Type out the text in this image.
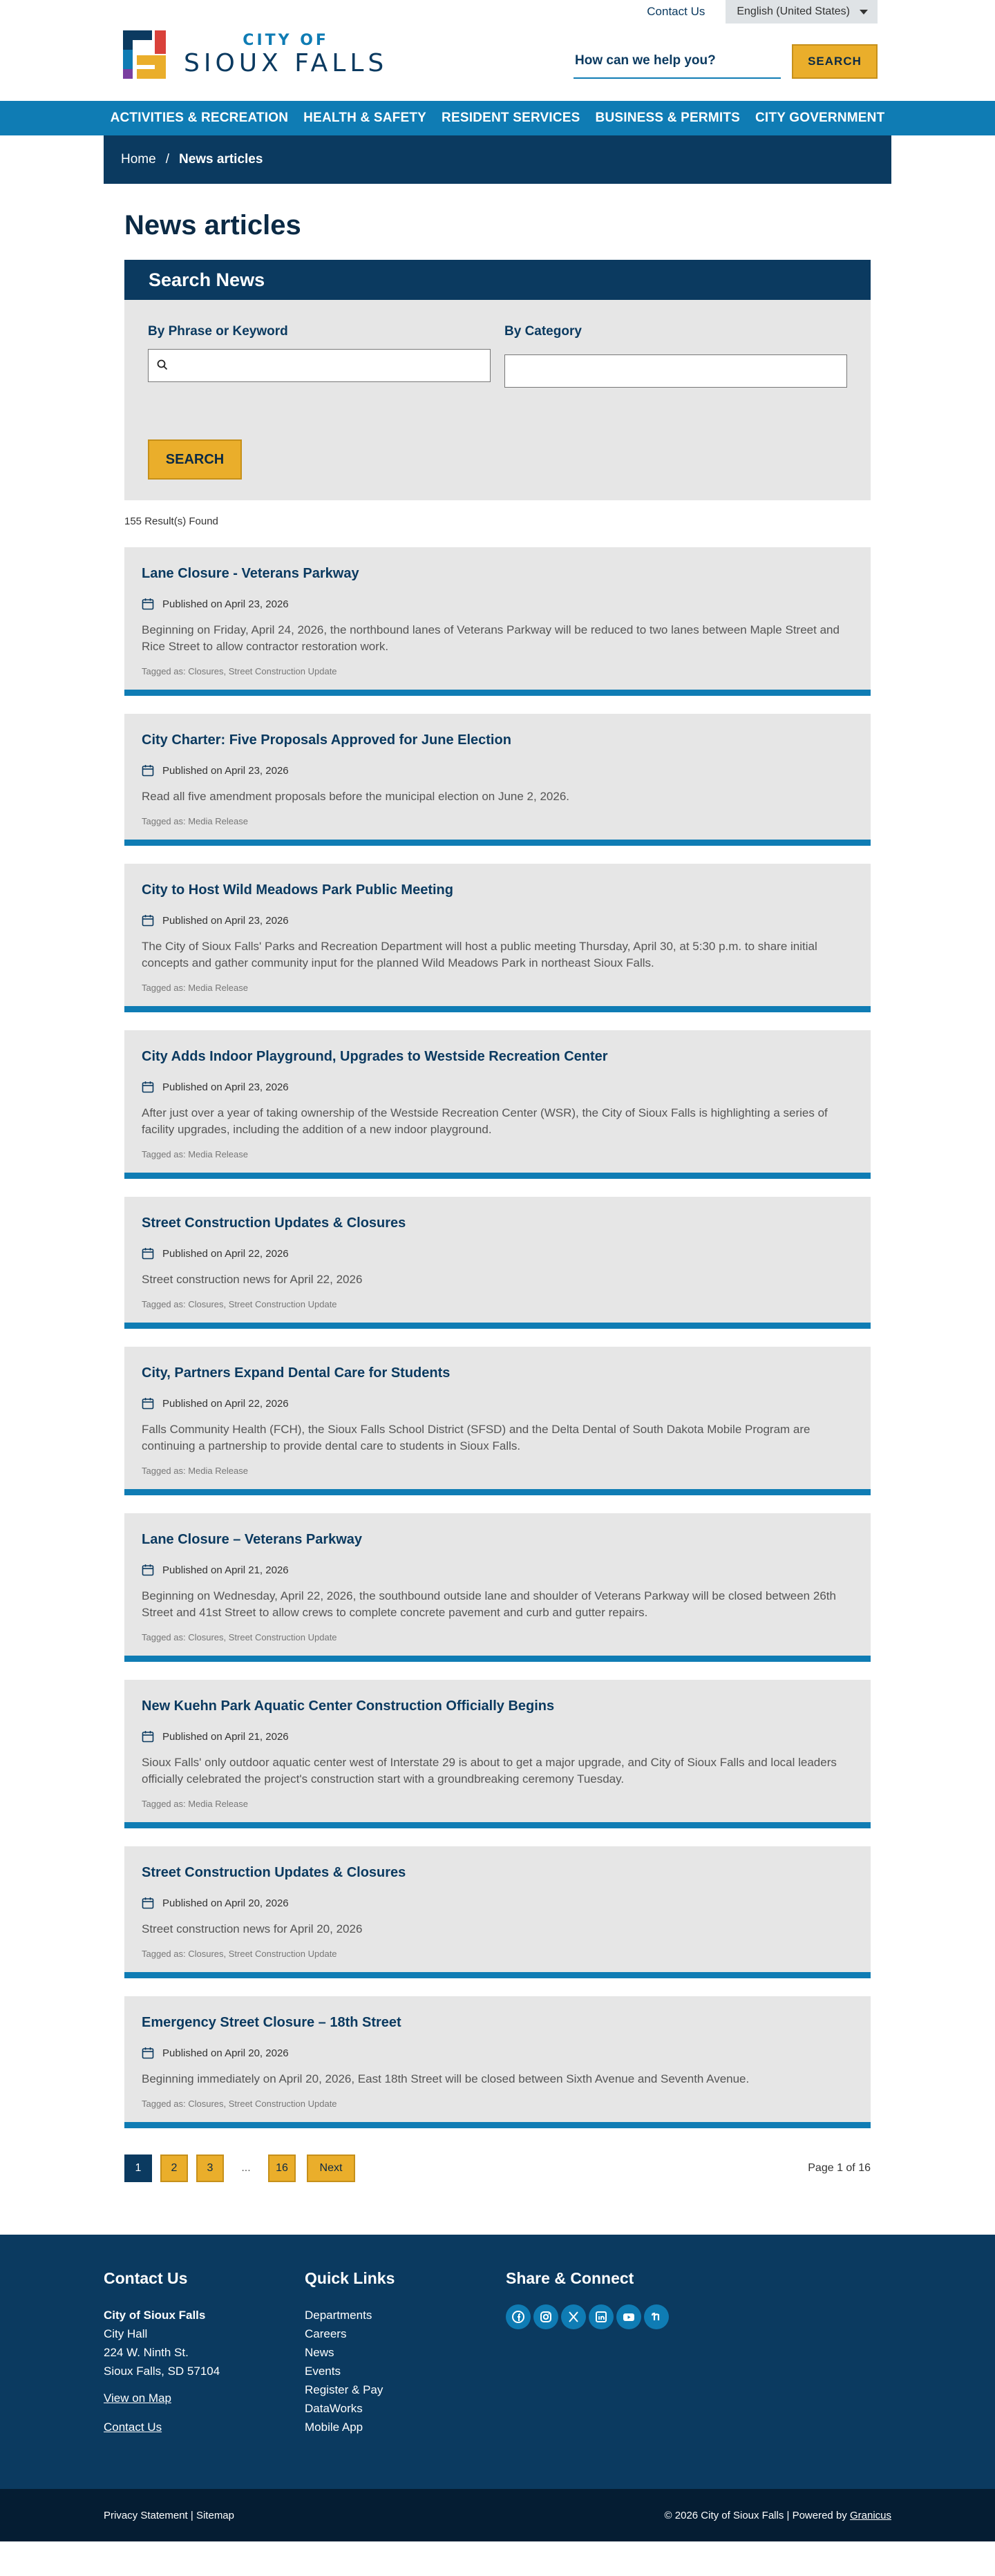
CITY OF
SIOUX FALLS
Contact Us	English (United States)
How can we help you?
SEARCH
ACTIVITIES & RECREATION HEALTH & SAFETY RESIDENT SERVICES BUSINESS & PERMITS CITY GOVERNMENT
Home / News articles
News articles
Search News
By Phrase or Keyword	By Category
SEARCH
155 Result(s) Found
Lane Closure - Veterans Parkway
Published on April 23, 2026
Beginning on Friday, April 24, 2026, the northbound lanes of Veterans Parkway will be reduced to two lanes between Maple Street and Rice Street to allow contractor restoration work.
Tagged as: Closures, Street Construction Update
City Charter: Five Proposals Approved for June Election
Published on April 23, 2026
Read all five amendment proposals before the municipal election on June 2, 2026.
Tagged as: Media Release
City to Host Wild Meadows Park Public Meeting
Published on April 23, 2026
The City of Sioux Falls' Parks and Recreation Department will host a public meeting Thursday, April 30, at 5:30 p.m. to share initial concepts and gather community input for the planned Wild Meadows Park in northeast Sioux Falls.
Tagged as: Media Release
City Adds Indoor Playground, Upgrades to Westside Recreation Center
Published on April 23, 2026
After just over a year of taking ownership of the Westside Recreation Center (WSR), the City of Sioux Falls is highlighting a series of facility upgrades, including the addition of a new indoor playground.
Tagged as: Media Release
Street Construction Updates & Closures
Published on April 22, 2026
Street construction news for April 22, 2026
Tagged as: Closures, Street Construction Update
City, Partners Expand Dental Care for Students
Published on April 22, 2026
Falls Community Health (FCH), the Sioux Falls School District (SFSD) and the Delta Dental of South Dakota Mobile Program are continuing a partnership to provide dental care to students in Sioux Falls.
Tagged as: Media Release
Lane Closure – Veterans Parkway
Published on April 21, 2026
Beginning on Wednesday, April 22, 2026, the southbound outside lane and shoulder of Veterans Parkway will be closed between 26th Street and 41st Street to allow crews to complete concrete pavement and curb and gutter repairs.
Tagged as: Closures, Street Construction Update
New Kuehn Park Aquatic Center Construction Officially Begins
Published on April 21, 2026
Sioux Falls' only outdoor aquatic center west of Interstate 29 is about to get a major upgrade, and City of Sioux Falls and local leaders officially celebrated the project's construction start with a groundbreaking ceremony Tuesday.
Tagged as: Media Release
Street Construction Updates & Closures
Published on April 20, 2026
Street construction news for April 20, 2026
Tagged as: Closures, Street Construction Update
Emergency Street Closure – 18th Street
Published on April 20, 2026
Beginning immediately on April 20, 2026, East 18th Street will be closed between Sixth Avenue and Seventh Avenue.
Tagged as: Closures, Street Construction Update
1	2	3	...	16	Next	Page 1 of 16
Contact Us
City of Sioux Falls
City Hall
224 W. Ninth St.
Sioux Falls, SD 57104
View on Map
Contact Us
Quick Links
Departments
Careers
News
Events
Register & Pay
DataWorks
Mobile App
Share & Connect
Privacy Statement | Sitemap	© 2026 City of Sioux Falls | Powered by Granicus
